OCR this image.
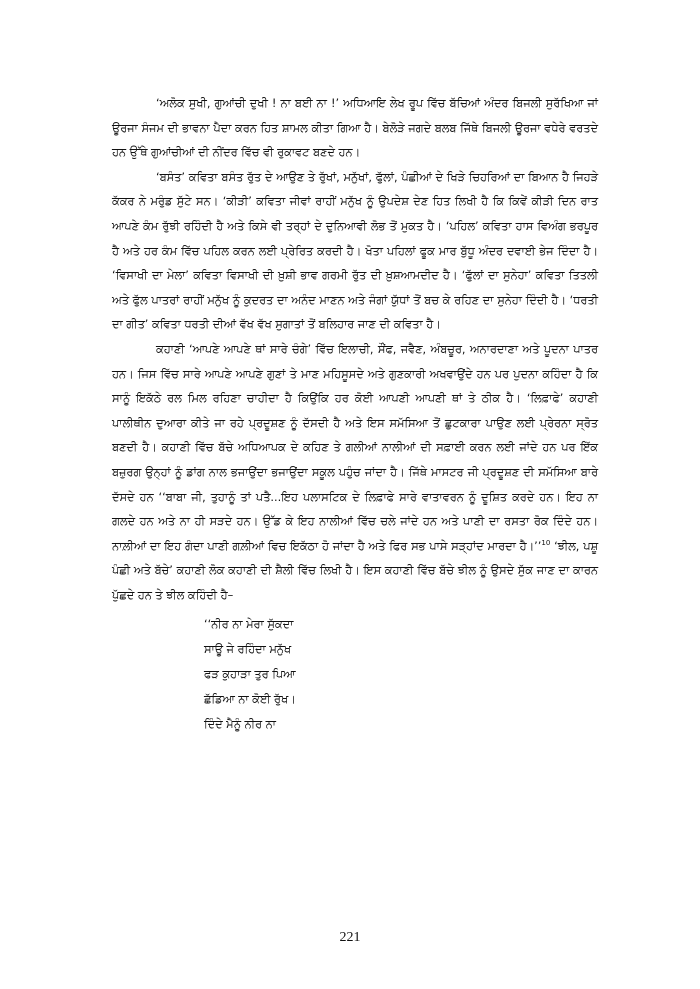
‘ਅਲੋਕ ਸੁਖੀ, ਗੁਆਂਚੀ ਦੁਖੀ ! ਨਾ ਬਈ ਨਾ !’ ਅਧਿਆਇ ਲੇਖ ਰੂਪ ਵਿੱਚ ਬੱਚਿਆਂ ਅੰਦਰ ਬਿਜਲੀ ਸੁਰੱਖਿਆ ਜਾਂ ਊਰਜਾ ਸੰਜਮ ਦੀ ਭਾਵਨਾ ਪੈਦਾ ਕਰਨ ਹਿਤ ਸ਼ਾਮਲ ਕੀਤਾ ਗਿਆ ਹੈ। ਬੇਲੋੜੇ ਜਗਦੇ ਬਲਬ ਜਿੱਥੇ ਬਿਜਲੀ ਊਰਜਾ ਵਧੇਰੇ ਵਰਤਦੇ ਹਨ ਉੱਥੇ ਗੁਆਂਚੀਆਂ ਦੀ ਨੀਂਦਰ ਵਿੱਚ ਵੀ ਰੁਕਾਵਟ ਬਣਦੇ ਹਨ।

‘ਬਸੰਤ’ ਕਵਿਤਾ ਬਸੰਤ ਰੁੱਤ ਦੇ ਆਉਣ ਤੇ ਰੁੱਖਾਂ, ਮਨੁੱਖਾਂ, ਫੁੱਲਾਂ, ਪੰਛੀਆਂ ਦੇ ਖਿੜੇ ਚਿਹਰਿਆਂ ਦਾ ਬਿਆਨ ਹੈ ਜਿਹੜੇ ਕੱਕਰ ਨੇ ਮਰੁੰਡ ਸੁੱਟੇ ਸਨ। ‘ਕੀੜੀ’ ਕਵਿਤਾ ਜੀਵਾਂ ਰਾਹੀਂ ਮਨੁੱਖ ਨੂੰ ਉਪਦੇਸ਼ ਦੇਣ ਹਿਤ ਲਿਖੀ ਹੈ ਕਿ ਕਿਵੇਂ ਕੀੜੀ ਦਿਨ ਰਾਤ ਆਪਣੇ ਕੰਮ ਰੁੱਝੀ ਰਹਿੰਦੀ ਹੈ ਅਤੇ ਕਿਸੇ ਵੀ ਤਰ੍ਹਾਂ ਦੇ ਦੁਨਿਆਵੀ ਲੋਭ ਤੋਂ ਮੁਕਤ ਹੈ। ‘ਪਹਿਲ’ ਕਵਿਤਾ ਹਾਸ ਵਿਅੰਗ ਭਰਪੂਰ ਹੈ ਅਤੇ ਹਰ ਕੰਮ ਵਿੱਚ ਪਹਿਲ ਕਰਨ ਲਈ ਪ੍ਰੇਰਿਤ ਕਰਦੀ ਹੈ। ਖੋਤਾ ਪਹਿਲਾਂ ਫੂਕ ਮਾਰ ਬੁੱਧੂ ਅੰਦਰ ਦਵਾਈ ਭੇਜ ਦਿੰਦਾ ਹੈ। ‘ਵਿਸਾਖੀ ਦਾ ਮੇਲਾ’ ਕਵਿਤਾ ਵਿਸਾਖੀ ਦੀ ਖ਼ੁਸ਼ੀ ਭਾਵ ਗਰਮੀ ਰੁੱਤ ਦੀ ਖ਼ੁਸ਼ਆਮਦੀਦ ਹੈ। ‘ਫੁੱਲਾਂ ਦਾ ਸੁਨੇਹਾ’ ਕਵਿਤਾ ਤਿਤਲੀ ਅਤੇ ਫੁੱਲ ਪਾਤਰਾਂ ਰਾਹੀਂ ਮਨੁੱਖ ਨੂੰ ਕੁਦਰਤ ਦਾ ਅਨੰਦ ਮਾਣਨ ਅਤੇ ਜੰਗਾਂ ਯੁੱਧਾਂ ਤੋਂ ਬਚ ਕੇ ਰਹਿਣ ਦਾ ਸੁਨੇਹਾ ਦਿੰਦੀ ਹੈ। ‘ਧਰਤੀ ਦਾ ਗੀਤ’ ਕਵਿਤਾ ਧਰਤੀ ਦੀਆਂ ਵੱਖ ਵੱਖ ਸੁਗਾਤਾਂ ਤੋਂ ਬਲਿਹਾਰ ਜਾਣ ਦੀ ਕਵਿਤਾ ਹੈ।

ਕਹਾਣੀ ‘ਆਪਣੇ ਆਪਣੇ ਥਾਂ ਸਾਰੇ ਚੰਗੇ’ ਵਿੱਚ ਇਲਾਚੀ, ਸੌਂਫ, ਜਵੈਣ, ਅੰਬਚੂਰ, ਅਨਾਰਦਾਣਾ ਅਤੇ ਪੂਦਨਾ ਪਾਤਰ ਹਨ। ਜਿਸ ਵਿੱਚ ਸਾਰੇ ਆਪਣੇ ਆਪਣੇ ਗੁਣਾਂ ਤੇ ਮਾਣ ਮਹਿਸੂਸਦੇ ਅਤੇ ਗੁਣਕਾਰੀ ਅਖਵਾਉਂਦੇ ਹਨ ਪਰ ਪੁਦਨਾ ਕਹਿੰਦਾ ਹੈ ਕਿ ਸਾਨੂੰ ਇਕੱਠੇ ਰਲ ਮਿਲ ਰਹਿਣਾ ਚਾਹੀਦਾ ਹੈ ਕਿਉਂਕਿ ਹਰ ਕੋਈ ਆਪਣੀ ਆਪਣੀ ਥਾਂ ਤੇ ਠੀਕ ਹੈ। ‘ਲਿਫ਼ਾਫੇ’ ਕਹਾਣੀ ਪਾਲੀਥੀਨ ਦੁਆਰਾ ਕੀਤੇ ਜਾ ਰਹੇ ਪ੍ਰਦੂਸ਼ਣ ਨੂੰ ਦੱਸਦੀ ਹੈ ਅਤੇ ਇਸ ਸਮੱਸਿਆ ਤੋਂ ਛੁਟਕਾਰਾ ਪਾਉਣ ਲਈ ਪ੍ਰੇਰਨਾ ਸ੍ਰੋਤ ਬਣਦੀ ਹੈ। ਕਹਾਣੀ ਵਿੱਚ ਬੱਚੇ ਅਧਿਆਪਕ ਦੇ ਕਹਿਣ ਤੇ ਗਲੀਆਂ ਨਾਲੀਆਂ ਦੀ ਸਫ਼ਾਈ ਕਰਨ ਲਈ ਜਾਂਦੇ ਹਨ ਪਰ ਇੱਕ ਬਜ਼ੁਰਗ ਉਨ੍ਹਾਂ ਨੂੰ ਡਾਂਗ ਨਾਲ ਭਜਾਉਂਦਾ ਭਜਾਉਂਦਾ ਸਕੂਲ ਪਹੁੰਚ ਜਾਂਦਾ ਹੈ। ਜਿੱਥੇ ਮਾਸਟਰ ਜੀ ਪ੍ਰਦੂਸ਼ਣ ਦੀ ਸਮੱਸਿਆ ਬਾਰੇ ਦੱਸਦੇ ਹਨ ‘‘ਬਾਬਾ ਜੀ, ਤੁਹਾਨੂੰ ਤਾਂ ਪਤੈ...ਇਹ ਪਲਾਸਟਿਕ ਦੇ ਲਿਫ਼ਾਫੇ ਸਾਰੇ ਵਾਤਾਵਰਨ ਨੂੰ ਦੂਸ਼ਿਤ ਕਰਦੇ ਹਨ। ਇਹ ਨਾ ਗਲਦੇ ਹਨ ਅਤੇ ਨਾ ਹੀ ਸੜਦੇ ਹਨ। ਉੱਡ ਕੇ ਇਹ ਨਾਲੀਆਂ ਵਿੱਚ ਚਲੇ ਜਾਂਦੇ ਹਨ ਅਤੇ ਪਾਣੀ ਦਾ ਰਸਤਾ ਰੋਕ ਦਿੰਦੇ ਹਨ।ਨਾਲ਼ੀਆਂ ਦਾ ਇਹ ਗੰਦਾ ਪਾਣੀ ਗਲ਼ੀਆਂ ਵਿਚ ਇਕੱਠਾ ਹੋ ਜਾਂਦਾ ਹੈ ਅਤੇ ਫਿਰ ਸਭ ਪਾਸੇ ਸੜ੍ਹਾਂਦ ਮਾਰਦਾ ਹੈ।’’$^{10}$ ‘ਝੀਲ, ਪਸ਼ੂ ਪੰਛੀ ਅਤੇ ਬੱਚੇ’ ਕਹਾਣੀ ਲੋਕ ਕਹਾਣੀ ਦੀ ਸ਼ੈਲੀ ਵਿੱਚ ਲਿਖੀ ਹੈ। ਇਸ ਕਹਾਣੀ ਵਿੱਚ ਬੱਚੇ ਝੀਲ ਨੂੰ ਉਸਦੇ ਸੁੱਕ ਜਾਣ ਦਾ ਕਾਰਨ ਪੁੱਛਦੇ ਹਨ ਤੇ ਝੀਲ ਕਹਿੰਦੀ ਹੈ–

‘‘ਨੀਰ ਨਾ ਮੇਰਾ ਸੁੱਕਦਾ
ਸਾਊ ਜੇ ਰਹਿੰਦਾ ਮਨੁੱਖ
ਫੜ ਕੁਹਾੜਾ ਤੁਰ ਪਿਆ
ਛੱਡਿਆ ਨਾ ਕੋਈ ਰੁੱਖ।
ਦਿੰਦੇ ਮੈਨੂੰ ਨੀਰ ਨਾ
221
